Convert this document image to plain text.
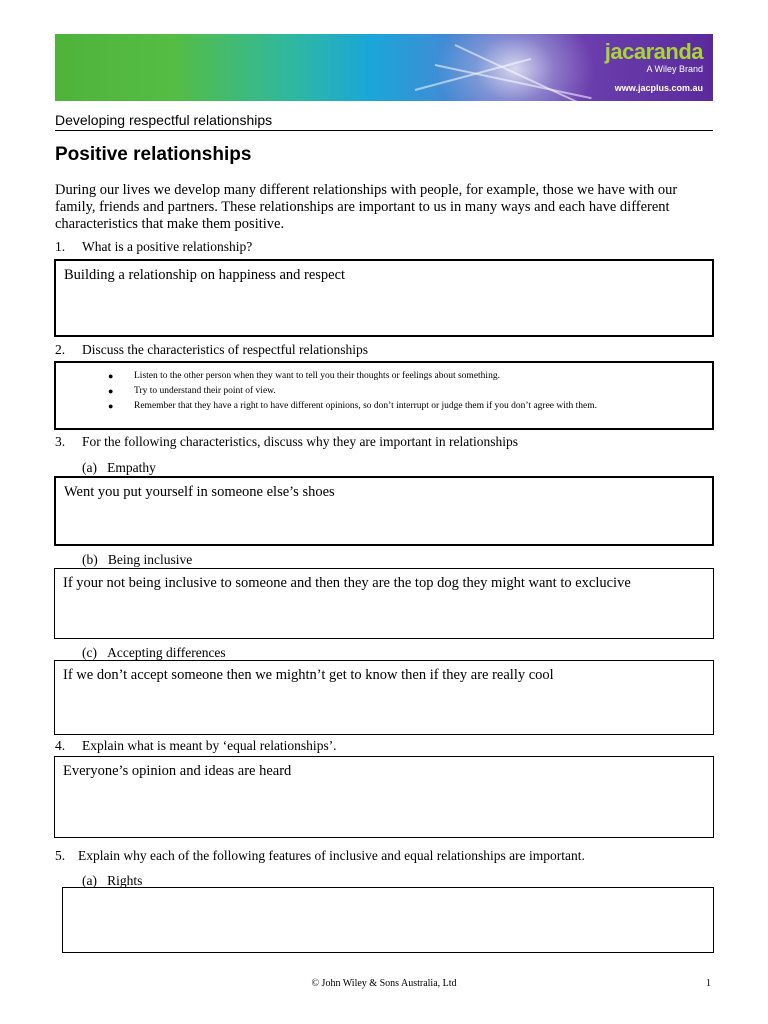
jacaranda
A Wiley Brand
www.jacplus.com.au
Developing respectful relationships
Positive relationships
During our lives we develop many different relationships with people, for example, those we have with our family, friends and partners. These relationships are important to us in many ways and each have different characteristics that make them positive.
1. What is a positive relationship?
Building a relationship on happiness and respect
2. Discuss the characteristics of respectful relationships
● Listen to the other person when they want to tell you their thoughts or feelings about something.
● Try to understand their point of view.
● Remember that they have a right to have different opinions, so don’t interrupt or judge them if you don’t agree with them.
3. For the following characteristics, discuss why they are important in relationships
(a) Empathy
Went you put yourself in someone else’s shoes
(b) Being inclusive
If your not being inclusive to someone and then they are the top dog they might want to exclucive
(c) Accepting differences
If we don’t accept someone then we mightn’t get to know then if they are really cool
4. Explain what is meant by ‘equal relationships’.
Everyone’s opinion and ideas are heard
5. Explain why each of the following features of inclusive and equal relationships are important.
(a) Rights
© John Wiley & Sons Australia, Ltd	1
